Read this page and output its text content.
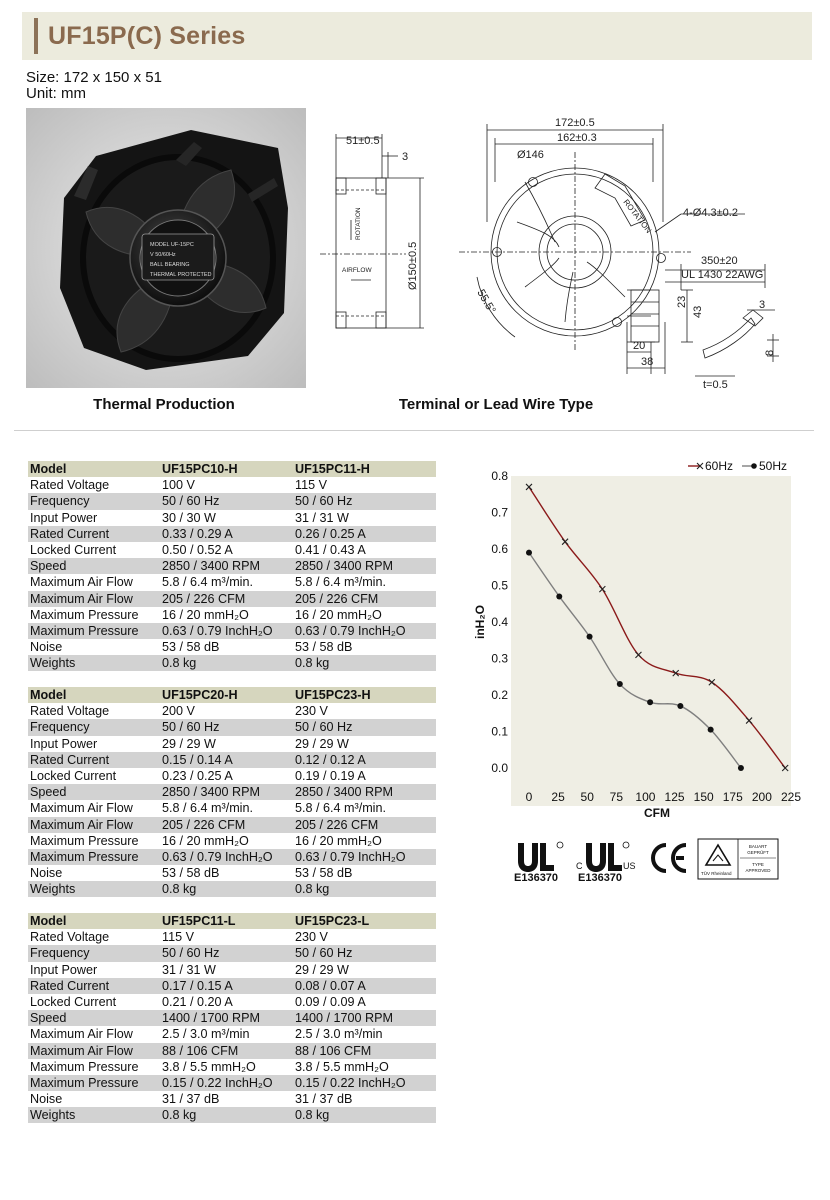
UF15P(C) Series
Size: 172 x 150 x 51
Unit: mm
MODEL UF-15PC
V 50/60Hz
BALL BEARING
THERMAL PROTECTED
Thermal Production
51±0.5
3
ROTATION
AIRFLOW	Ø150±0.5
172±0.5
162±0.3
Ø146
ROTATION	4-Ø4.3±0.2
350±20
UL 1430 22AWG
55.5°	23
43
3
20
38
8
t=0.5
Terminal or Lead Wire Type
Model	UF15PC10-H	UF15PC11-H
Rated Voltage	100 V	115 V
Frequency	50 / 60 Hz	50 / 60 Hz
Input Power	30 / 30 W	31 / 31 W
Rated Current	0.33 / 0.29 A	0.26 / 0.25 A
Locked Current	0.50 / 0.52 A	0.41 / 0.43 A
Speed	2850 / 3400 RPM	2850 / 3400 RPM
Maximum Air Flow	5.8 / 6.4 m³/min.	5.8 / 6.4 m³/min.
Maximum Air Flow	205 / 226 CFM	205 / 226 CFM
Maximum Pressure	16 / 20 mmH₂O	16 / 20 mmH₂O
Maximum Pressure	0.63 / 0.79 InchH₂O	0.63 / 0.79 InchH₂O
Noise	53 / 58 dB	53 / 58 dB
Weights	0.8 kg	0.8 kg
Model	UF15PC20-H	UF15PC23-H
Rated Voltage	200 V	230 V
Frequency	50 / 60 Hz	50 / 60 Hz
Input Power	29 / 29 W	29 / 29 W
Rated Current	0.15 / 0.14 A	0.12 / 0.12 A
Locked Current	0.23 / 0.25 A	0.19 / 0.19 A
Speed	2850 / 3400 RPM	2850 / 3400 RPM
Maximum Air Flow	5.8 / 6.4 m³/min.	5.8 / 6.4 m³/min.
Maximum Air Flow	205 / 226 CFM	205 / 226 CFM
Maximum Pressure	16 / 20 mmH₂O	16 / 20 mmH₂O
Maximum Pressure	0.63 / 0.79 InchH₂O	0.63 / 0.79 InchH₂O
Noise	53 / 58 dB	53 / 58 dB
Weights	0.8 kg	0.8 kg
Model	UF15PC11-L	UF15PC23-L
Rated Voltage	115 V	230 V
Frequency	50 / 60 Hz	50 / 60 Hz
Input Power	31 / 31 W	29 / 29 W
Rated Current	0.17 / 0.15 A	0.08 / 0.07 A
Locked Current	0.21 / 0.20 A	0.09 / 0.09 A
Speed	1400 / 1700 RPM	1400 / 1700 RPM
Maximum Air Flow	2.5 / 3.0 m³/min	2.5 / 3.0 m³/min
Maximum Air Flow	88 / 106 CFM	88 / 106 CFM
Maximum Pressure	3.8 / 5.5 mmH₂O	3.8 / 5.5 mmH₂O
Maximum Pressure	0.15 / 0.22 InchH₂O	0.15 / 0.22 InchH₂O
Noise	31 / 37 dB	31 / 37 dB
Weights	0.8 kg	0.8 kg
0.0
0.1
0.2
0.3
0.4
0.5
0.6
0.7
0.8
0 25 50 75 100 125 150 175 200 225
CFM
inH₂O
60Hz 50Hz
E136370
C	US
E136370	TÜV Rheinland
BAUART
GEPRÜFT
TYPE
APPROVED
